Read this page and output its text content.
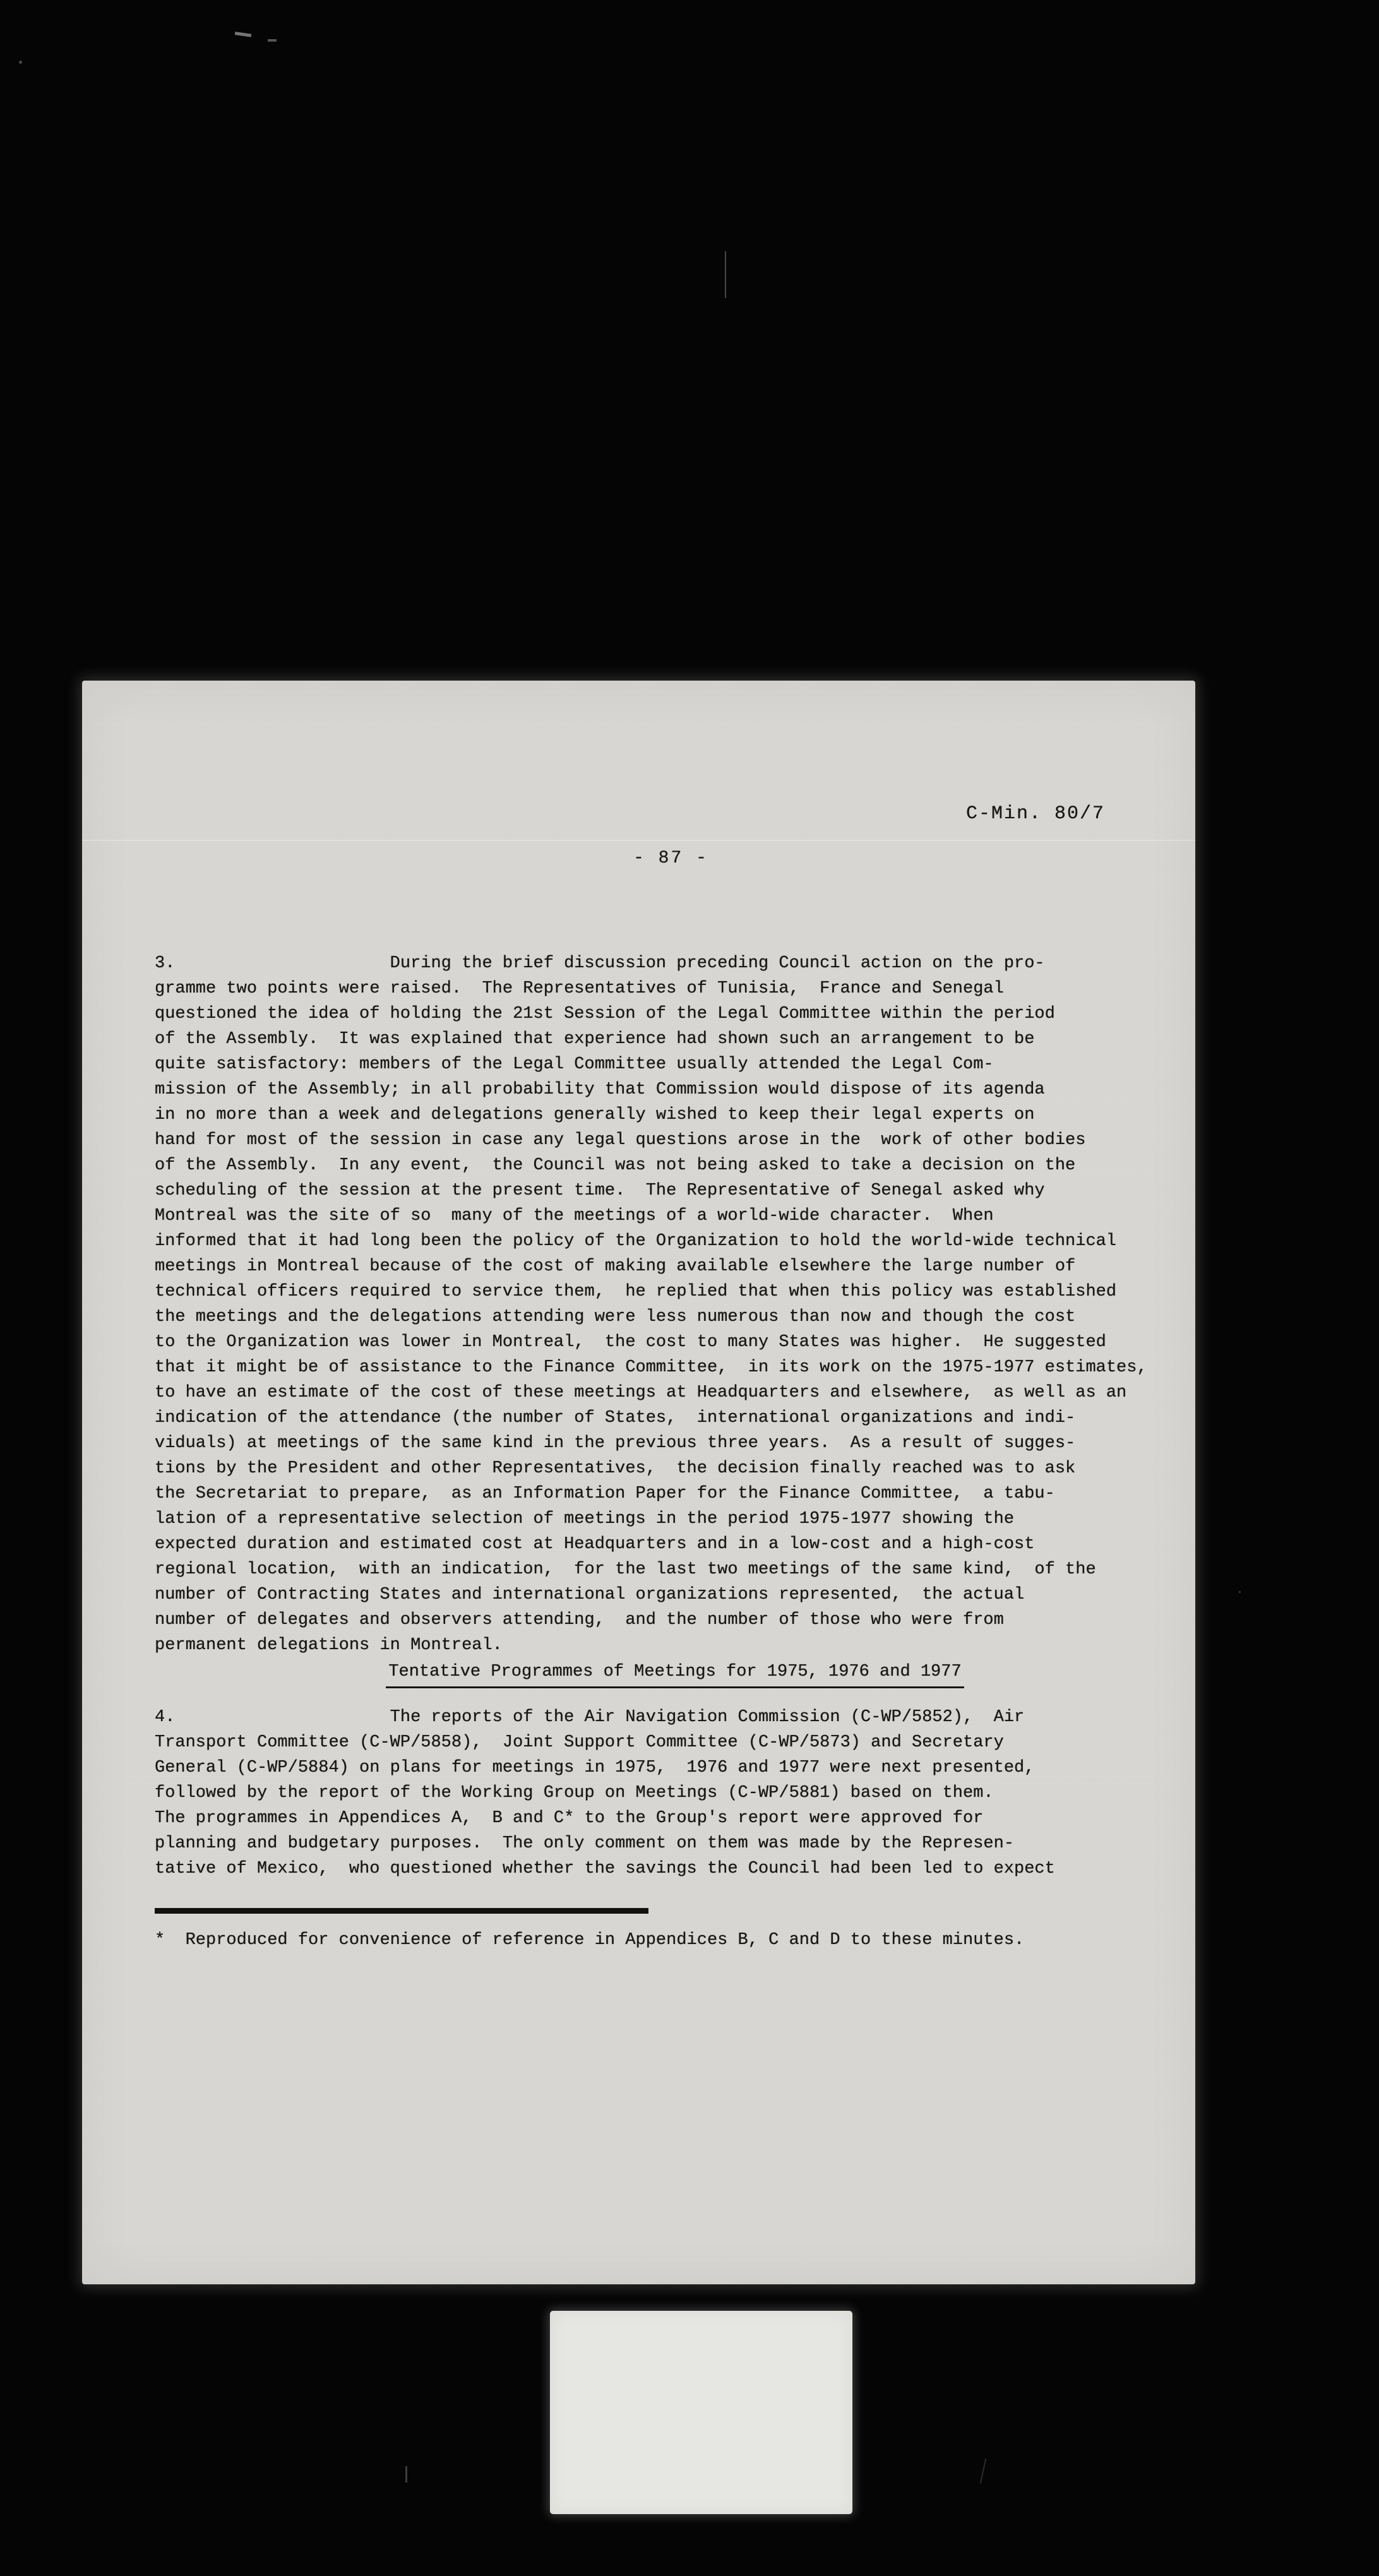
C-Min. 80/7
- 87 -
3.                     During the brief discussion preceding Council action on the pro-
gramme two points were raised.  The Representatives of Tunisia,  France and Senegal
questioned the idea of holding the 21st Session of the Legal Committee within the period
of the Assembly.  It was explained that experience had shown such an arrangement to be
quite satisfactory: members of the Legal Committee usually attended the Legal Com-
mission of the Assembly; in all probability that Commission would dispose of its agenda
in no more than a week and delegations generally wished to keep their legal experts on
hand for most of the session in case any legal questions arose in the  work of other bodies
of the Assembly.  In any event,  the Council was not being asked to take a decision on the
scheduling of the session at the present time.  The Representative of Senegal asked why
Montreal was the site of so  many of the meetings of a world-wide character.  When
informed that it had long been the policy of the Organization to hold the world-wide technical
meetings in Montreal because of the cost of making available elsewhere the large number of
technical officers required to service them,  he replied that when this policy was established
the meetings and the delegations attending were less numerous than now and though the cost
to the Organization was lower in Montreal,  the cost to many States was higher.  He suggested
that it might be of assistance to the Finance Committee,  in its work on the 1975-1977 estimates,
to have an estimate of the cost of these meetings at Headquarters and elsewhere,  as well as an
indication of the attendance (the number of States,  international organizations and indi-
viduals) at meetings of the same kind in the previous three years.  As a result of sugges-
tions by the President and other Representatives,  the decision finally reached was to ask
the Secretariat to prepare,  as an Information Paper for the Finance Committee,  a tabu-
lation of a representative selection of meetings in the period 1975-1977 showing the
expected duration and estimated cost at Headquarters and in a low-cost and a high-cost
regional location,  with an indication,  for the last two meetings of the same kind,  of the
number of Contracting States and international organizations represented,  the actual
number of delegates and observers attending,  and the number of those who were from
permanent delegations in Montreal.
Tentative Programmes of Meetings for 1975, 1976 and 1977
4.                     The reports of the Air Navigation Commission (C-WP/5852),  Air
Transport Committee (C-WP/5858),  Joint Support Committee (C-WP/5873) and Secretary
General (C-WP/5884) on plans for meetings in 1975,  1976 and 1977 were next presented,
followed by the report of the Working Group on Meetings (C-WP/5881) based on them.
The programmes in Appendices A,  B and C* to the Group's report were approved for
planning and budgetary purposes.  The only comment on them was made by the Represen-
tative of Mexico,  who questioned whether the savings the Council had been led to expect
*  Reproduced for convenience of reference in Appendices B, C and D to these minutes.
